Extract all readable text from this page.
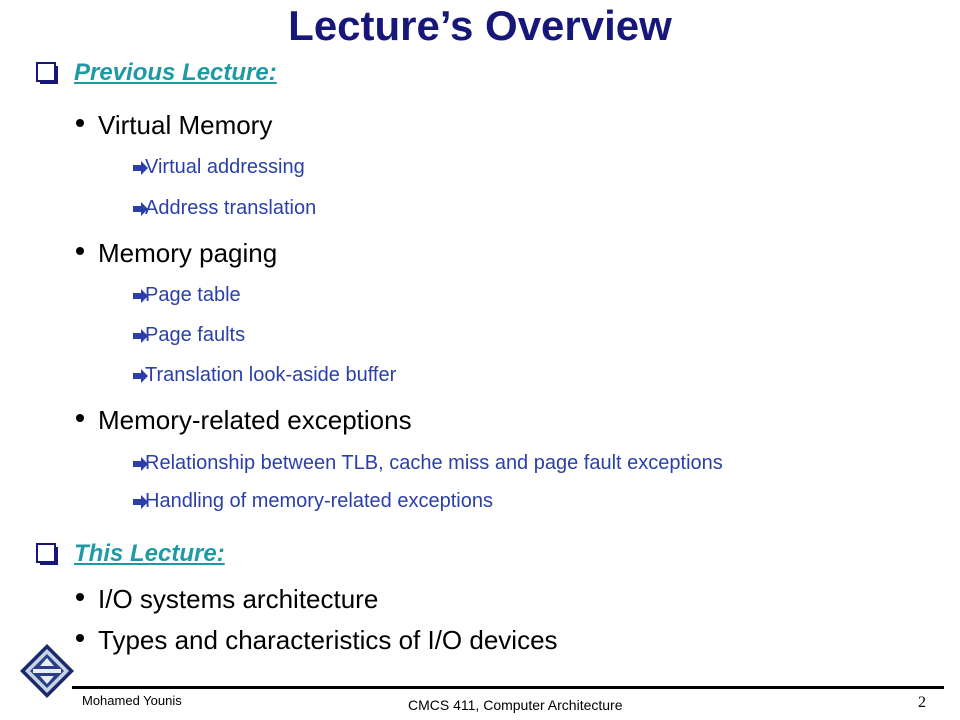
Lecture’s Overview
Previous Lecture:
Virtual Memory
Virtual addressing
Address translation
Memory paging
Page table
Page faults
Translation look-aside buffer
Memory-related exceptions
Relationship between TLB, cache miss and page fault exceptions
Handling of memory-related exceptions
This Lecture:
I/O systems architecture
Types and characteristics of I/O devices
Mohamed Younis	CMCS 411, Computer Architecture	2
